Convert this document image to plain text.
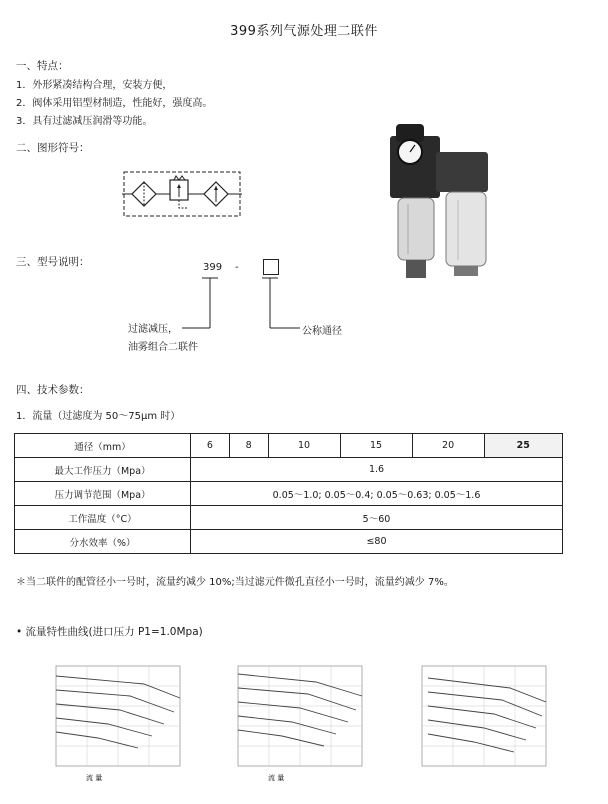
399系列气源处理二联件
一、特点：
1．外形紧凑结构合理，安装方便，
2．阀体采用铝型材制造，性能好，强度高。
3．具有过滤减压润滑等功能。
二、图形符号：
三、型号说明：	399 -
过滤减压，
油雾组合二联件
公称通径
四、技术参数：
1．流量（过滤度为 50～75μm 时）
通径（mm）	6	8	10	15	20	25
最大工作压力（Mpa）	1.6					
压力调节范围（Mpa）	0.05～1.0; 0.05～0.4; 0.05～0.63; 0.05～1.6					
工作温度（°C）	5～60					
分水效率（%）	≤80					
＊当二联件的配管径小一号时，流量约减少 10%;当过滤元件微孔直径小一号时，流量约减少 7%。
• 流量特性曲线(进口压力 P1=1.0Mpa)
流 量	流 量
